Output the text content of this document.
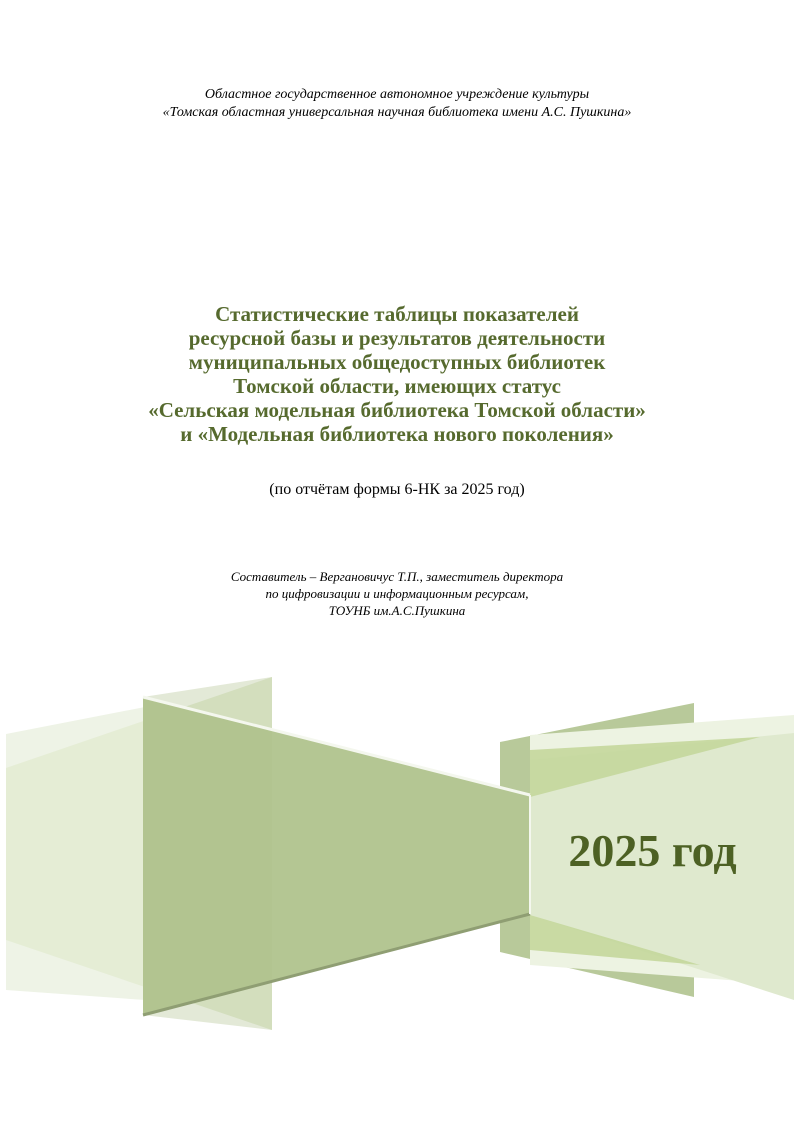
Областное государственное автономное учреждение культуры
«Томская областная универсальная научная библиотека имени А.С. Пушкина»
Статистические таблицы показателей
ресурсной базы и результатов деятельности
муниципальных общедоступных библиотек
Томской области, имеющих статус
«Сельская модельная библиотека Томской области»
и «Модельная библиотека нового поколения»
(по отчётам формы 6-НК за 2025 год)
Составитель – Вергановичус Т.П., заместитель директора
по цифровизации и информационным ресурсам,
ТОУНБ им.А.С.Пушкина
2025 год
